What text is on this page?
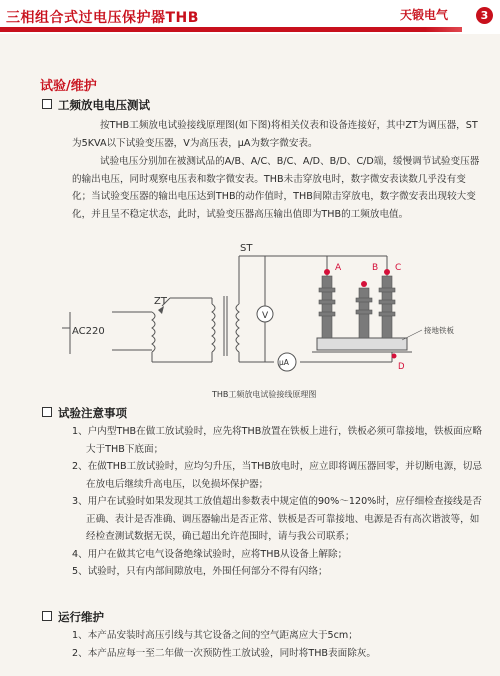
三相组合式过电压保护器THB	天锻电气	3
试验/维护
工频放电电压测试

按THB工频放电试验接线原理图(如下图)将相关仪表和设备连接好，其中ZT为调压器，ST为5KVA以下试验变压器，V为高压表，µA为数字微安表。

试验电压分别加在被测试品的A/B、A/C、B/C、A/D、B/D、C/D端，缓慢调节试验变压器的输出电压，同时观察电压表和数字微安表。THB未击穿放电时，数字微安表读数几乎没有变化；当试验变压器的输出电压达到THB的动作值时，THB间隙击穿放电，数字微安表出现较大变化，并且呈不稳定状态，此时，试验变压器高压输出值即为THB的工频放电值。

V
µA
A	B C
D
接地铁板
ST
ZT
AC220
THB工频放电试验接线原理图
试验注意事项
1、户内型THB在做工放试验时，应先将THB放置在铁板上进行，铁板必须可靠接地，铁板面应略大于THB下底面；
2、在做THB工放试验时，应均匀升压，当THB放电时，应立即将调压器回零，并切断电源，切忌在放电后继续升高电压，以免损坏保护器；
3、用户在试验时如果发现其工放值超出参数表中规定值的90%～120%时，应仔细检查接线是否正确、表计是否准确、调压器输出是否正常、铁板是否可靠接地、电源是否有高次谐波等，如经检查测试数据无误，确已超出允许范围时，请与我公司联系；
4、用户在做其它电气设备绝缘试验时，应将THB从设备上解除；
5、试验时，只有内部间隙放电，外围任何部分不得有闪络；
运行维护
1、本产品安装时高压引线与其它设备之间的空气距离应大于5cm；
2、本产品应每一至二年做一次预防性工放试验，同时将THB表面除灰。
